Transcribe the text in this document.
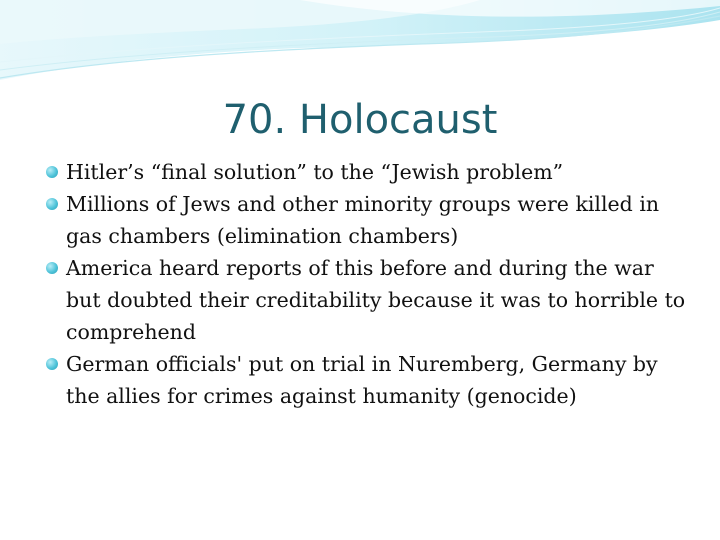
70. Holocaust
Hitler’s “final solution” to the “Jewish problem”
Millions of Jews and other minority groups were killed in gas chambers (elimination chambers)
America heard reports of this before and during the war but doubted their creditability because it was to horrible to comprehend
German officials' put on trial in Nuremberg, Germany by the allies for crimes against humanity (genocide)
